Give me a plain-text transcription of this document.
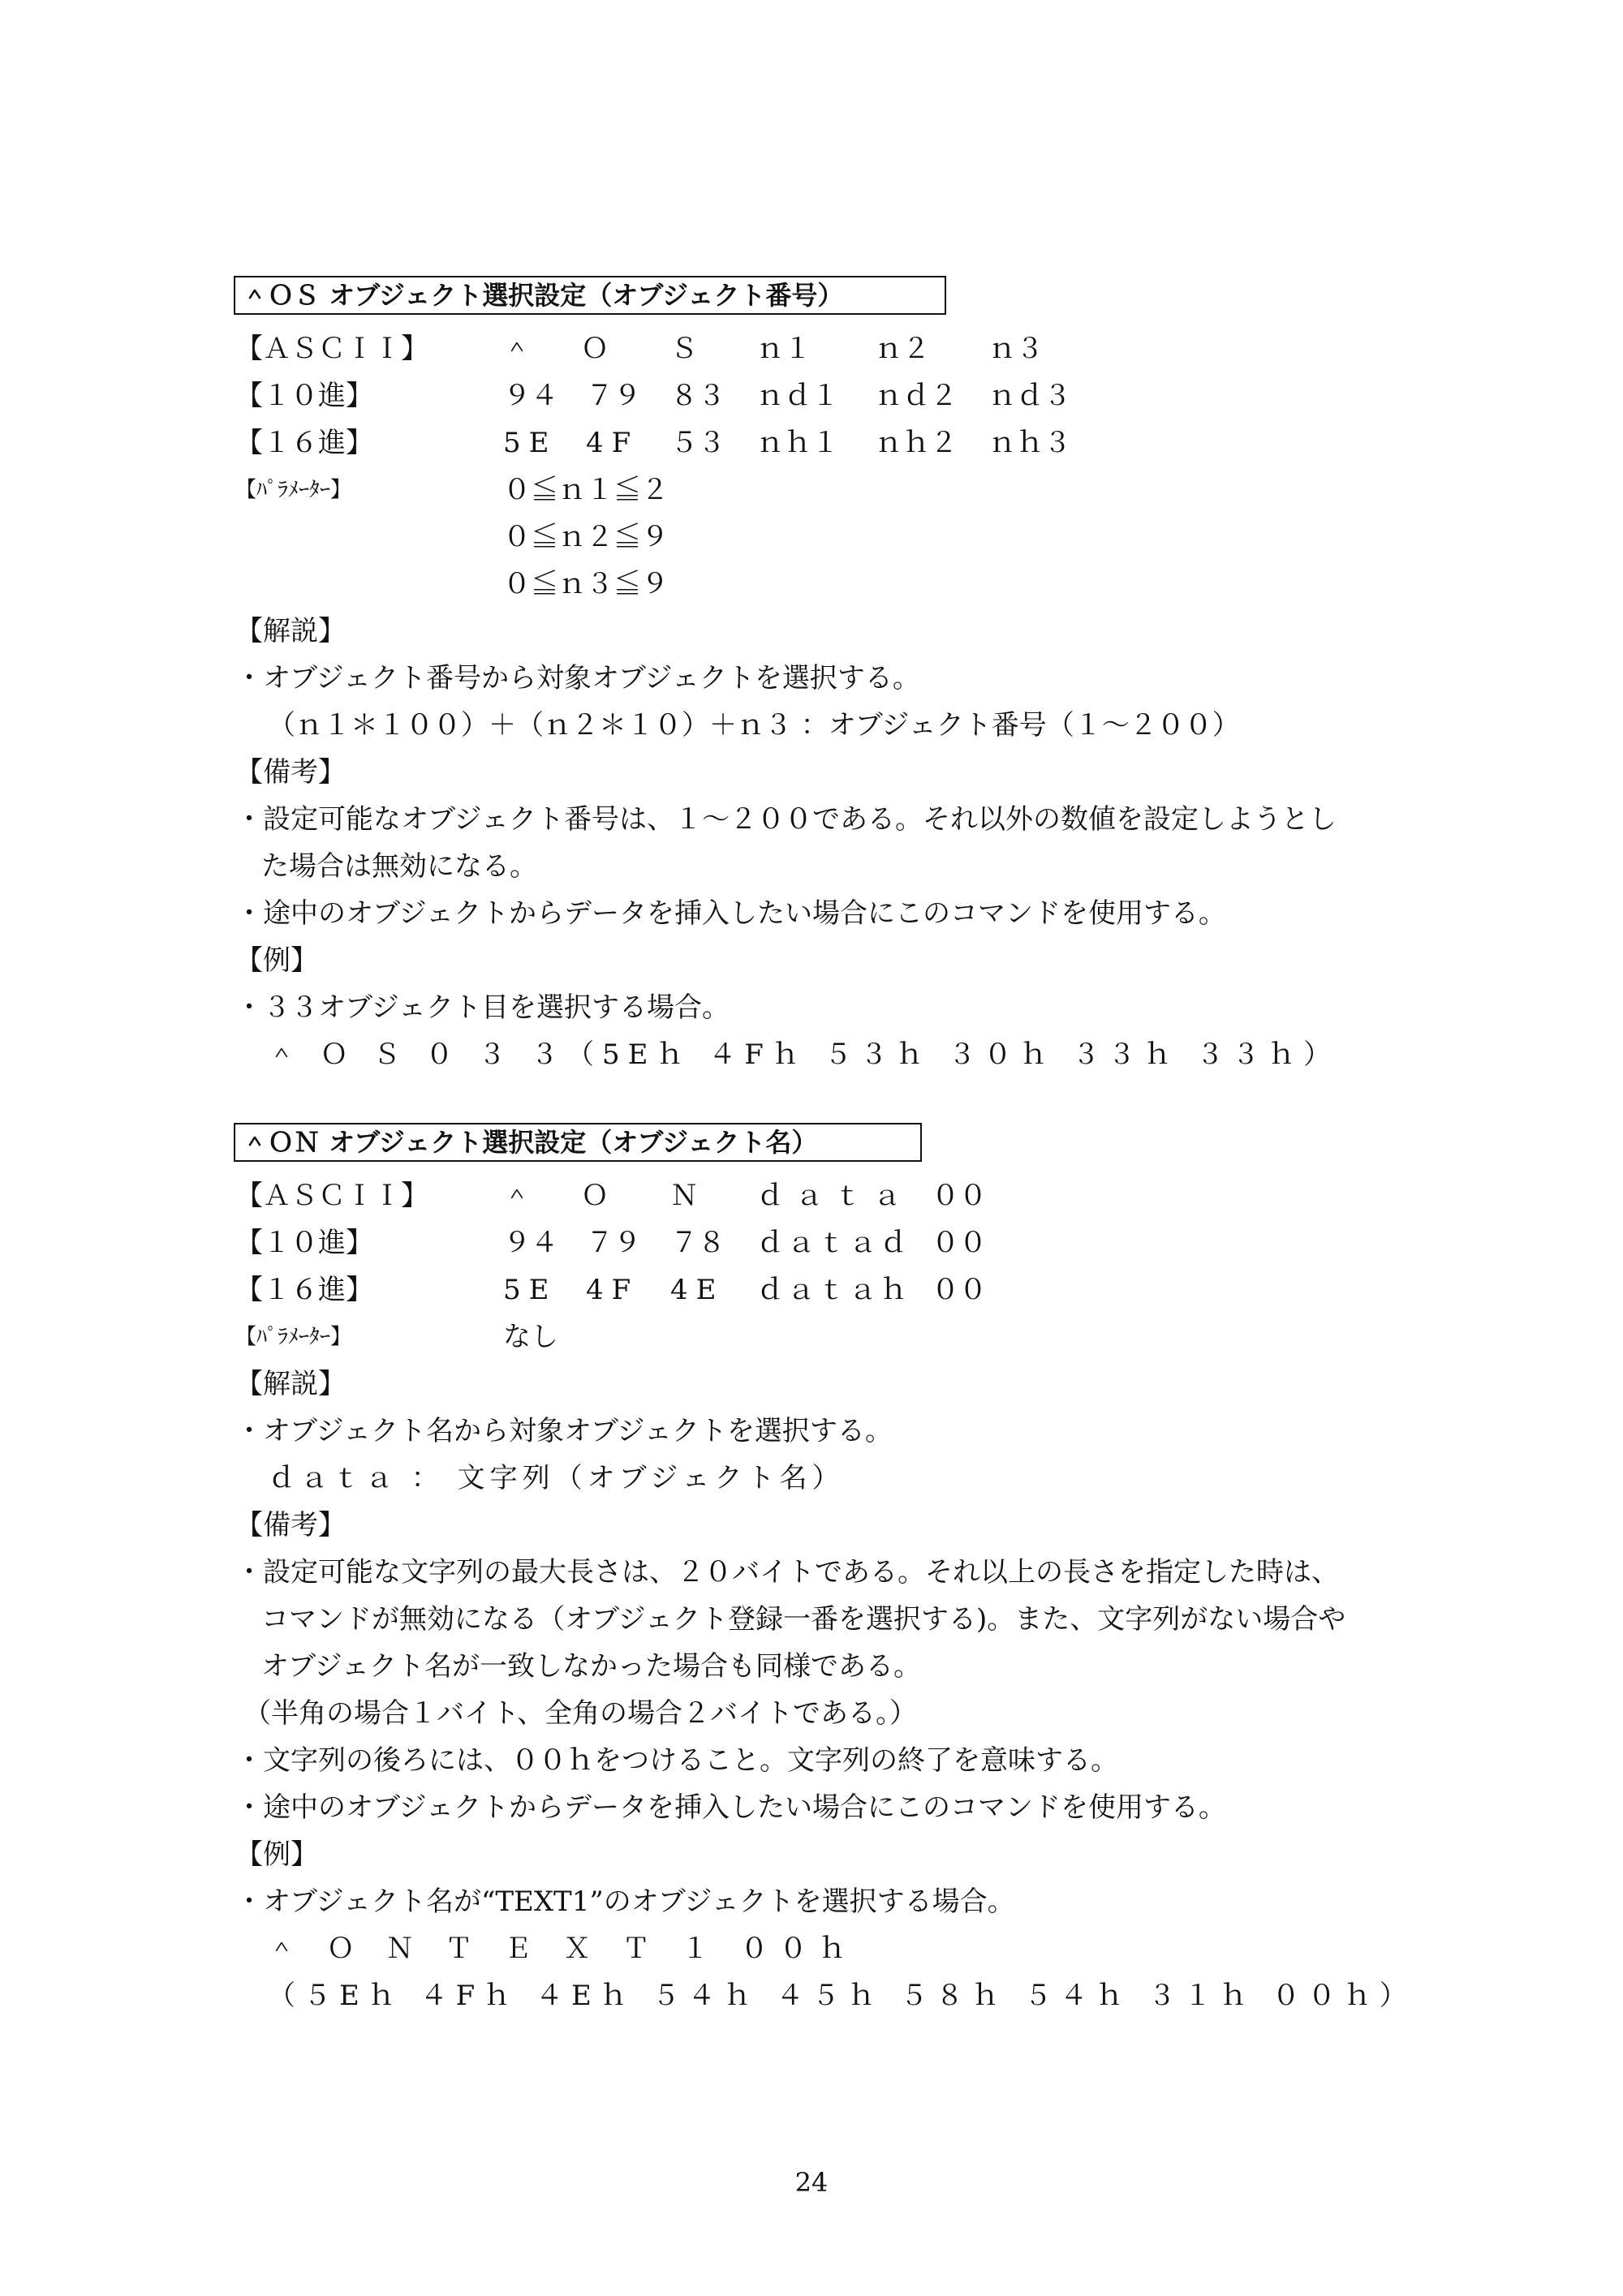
＾ＯＳ オブジェクト選択設定（オブジェクト番号）
【ＡＳＣＩＩ】	＾ Ｏ Ｓ ｎ１ ｎ２ ｎ３
【１０進】	９４ ７９ ８３ ｎｄ１ ｎｄ２ ｎｄ３
【１６進】	5E 4F ５３ ｎｈ１ ｎｈ２ ｎｈ３
【ﾊﾟﾗﾒｰﾀｰ】	０≦ｎ１≦２
０≦ｎ２≦９
０≦ｎ３≦９
【解説】
・オブジェクト番号から対象オブジェクトを選択する。
（ｎ１＊１００）＋（ｎ２＊１０）＋ｎ３ ：オブジェクト番号（１～２００）
【備考】
・設定可能なオブジェクト番号は、１～２００である。それ以外の数値を設定しようとし
た場合は無効になる。
・途中のオブジェクトからデータを挿入したい場合にこのコマンドを使用する。
【例】
・３３オブジェクト目を選択する場合。
＾ Ｏ Ｓ ０ ３ ３（5Eｈ ４Fｈ ５３ｈ ３０ｈ ３３ｈ ３３ｈ）
＾ＯＮ オブジェクト選択設定（オブジェクト名）
【ＡＳＣＩＩ】	＾ Ｏ Ｎ ｄａｔａ ００
【１０進】	９４ ７９ ７８ ｄａｔａｄ ００
【１６進】	5E 4F 4E ｄａｔａｈ ００
【ﾊﾟﾗﾒｰﾀｰ】	なし
【解説】
・オブジェクト名から対象オブジェクトを選択する。
ｄａｔａ ： 文字列（オブジェクト名）
【備考】
・設定可能な文字列の最大長さは、２０バイトである。それ以上の長さを指定した時は、
コマンドが無効になる（オブジェクト登録一番を選択する)。また、文字列がない場合や
オブジェクト名が一致しなかった場合も同様である。
（半角の場合１バイト、全角の場合２バイトである。）
・文字列の後ろには、００ｈをつけること。文字列の終了を意味する。
・途中のオブジェクトからデータを挿入したい場合にこのコマンドを使用する。
【例】
・オブジェクト名が“TEXT1”のオブジェクトを選択する場合。
＾ Ｏ Ｎ Ｔ Ｅ Ｘ Ｔ １ ００ｈ
（５Eｈ ４Fｈ ４Eｈ ５４ｈ ４５ｈ ５８ｈ ５４ｈ ３１ｈ ００ｈ）
24
